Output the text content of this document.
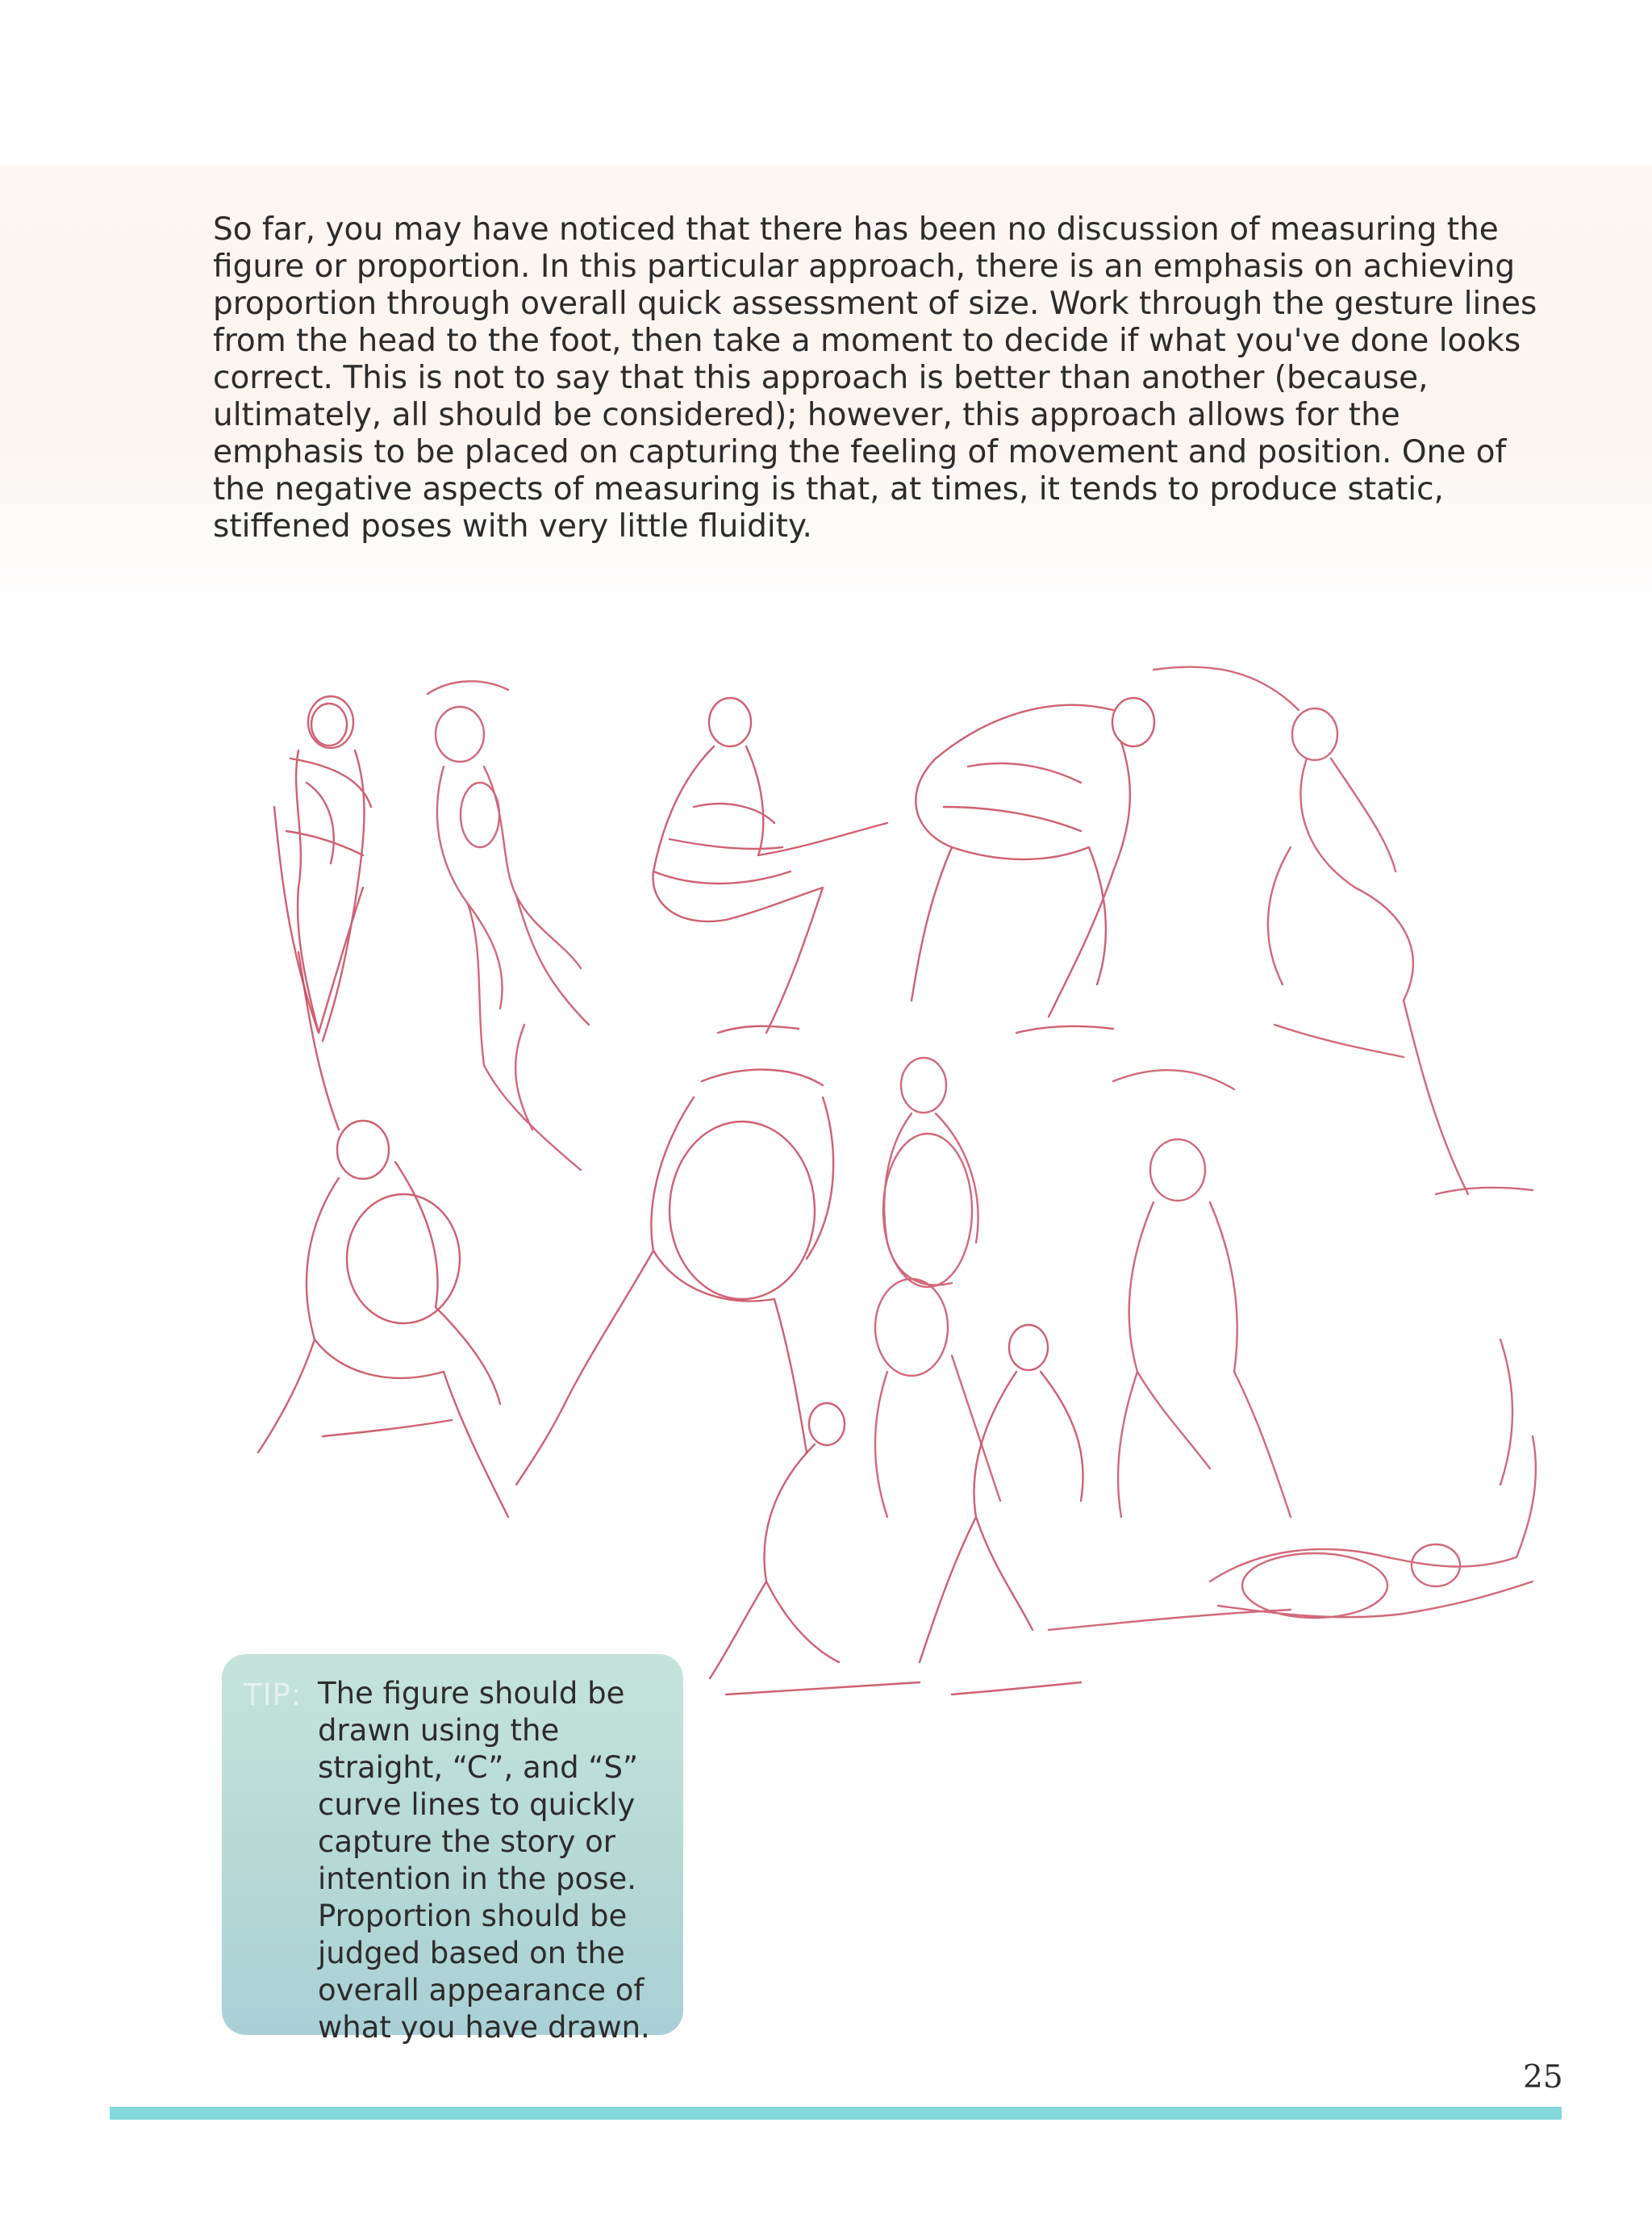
So far, you may have noticed that there has been no discussion of measuring the figure or proportion. In this particular approach, there is an emphasis on achieving proportion through overall quick assessment of size. Work through the gesture lines from the head to the foot, then take a moment to decide if what you've done looks correct. This is not to say that this approach is better than another (because, ultimately, all should be considered); however, this approach allows for the emphasis to be placed on capturing the feeling of movement and position. One of the negative aspects of measuring is that, at times, it tends to produce static, stiffened poses with very little fluidity.

TIP: The figure should be drawn using the straight, “C”, and “S” curve lines to quickly capture the story or intention in the pose. Proportion should be judged based on the overall appearance of what you have drawn.

25
